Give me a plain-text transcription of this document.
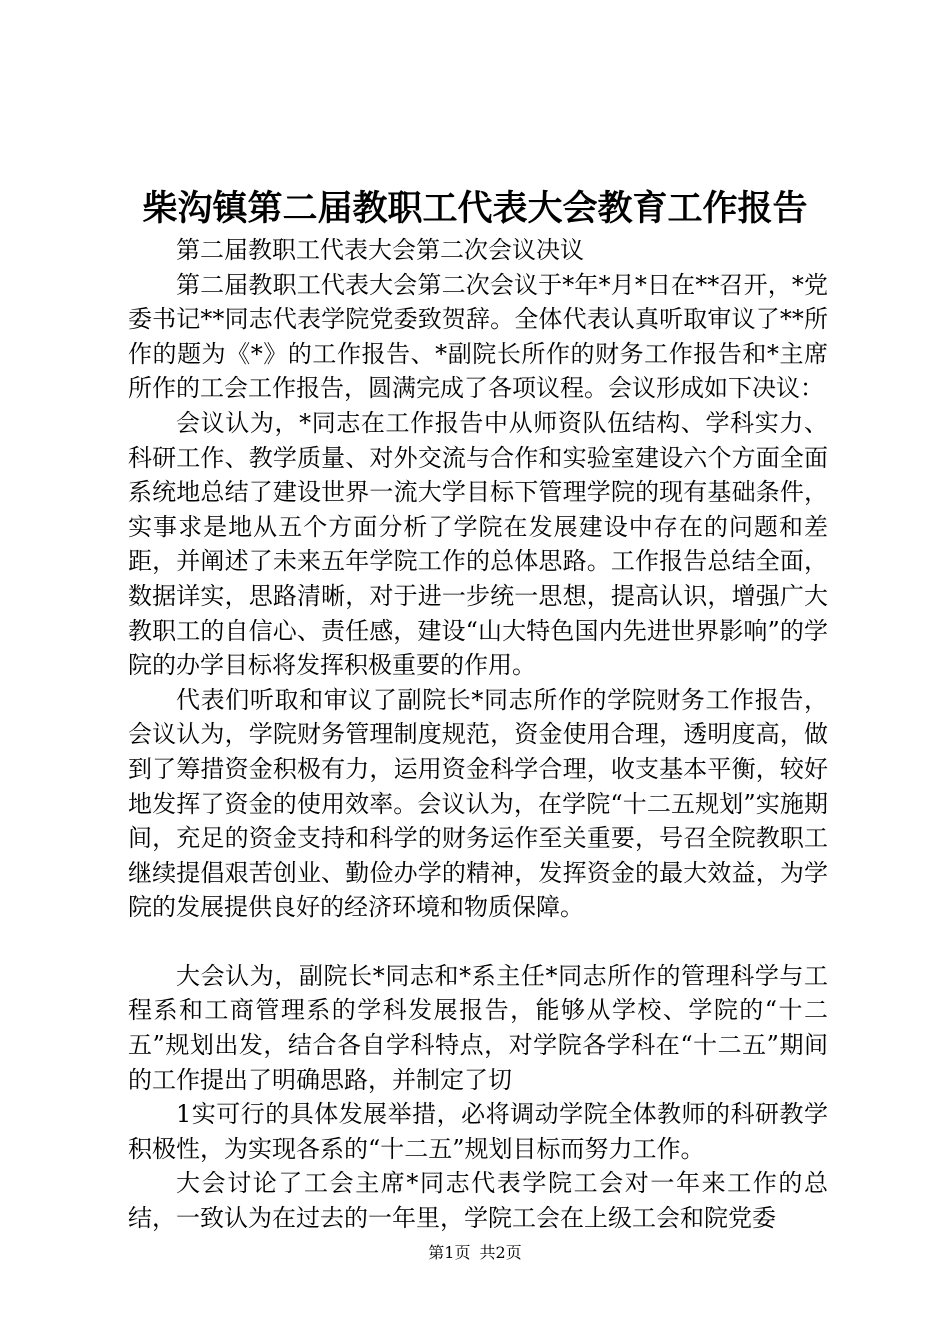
柴沟镇第二届教职工代表大会教育工作报告

第二届教职工代表大会第二次会议决议

第二届教职工代表大会第二次会议于*年*月*日在**召开，*党委书记**同志代表学院党委致贺辞。全体代表认真听取审议了**所作的题为《*》的工作报告、*副院长所作的财务工作报告和*主席所作的工会工作报告，圆满完成了各项议程。会议形成如下决议：

会议认为，*同志在工作报告中从师资队伍结构、学科实力、科研工作、教学质量、对外交流与合作和实验室建设六个方面全面系统地总结了建设世界一流大学目标下管理学院的现有基础条件，实事求是地从五个方面分析了学院在发展建设中存在的问题和差距，并阐述了未来五年学院工作的总体思路。工作报告总结全面，数据详实，思路清晰，对于进一步统一思想，提高认识，增强广大教职工的自信心、责任感，建设“山大特色国内先进世界影响”的学院的办学目标将发挥积极重要的作用。

代表们听取和审议了副院长*同志所作的学院财务工作报告，会议认为，学院财务管理制度规范，资金使用合理，透明度高，做到了筹措资金积极有力，运用资金科学合理，收支基本平衡，较好地发挥了资金的使用效率。会议认为，在学院“十二五规划”实施期间，充足的资金支持和科学的财务运作至关重要，号召全院教职工继续提倡艰苦创业、勤俭办学的精神，发挥资金的最大效益，为学院的发展提供良好的经济环境和物质保障。

大会认为，副院长*同志和*系主任*同志所作的管理科学与工程系和工商管理系的学科发展报告，能够从学校、学院的“十二五”规划出发，结合各自学科特点，对学院各学科在“十二五”期间的工作提出了明确思路，并制定了切

1实可行的具体发展举措，必将调动学院全体教师的科研教学积极性，为实现各系的“十二五”规划目标而努力工作。

大会讨论了工会主席*同志代表学院工会对一年来工作的总结，一致认为在过去的一年里，学院工会在上级工会和院党委

第1页 共2页
